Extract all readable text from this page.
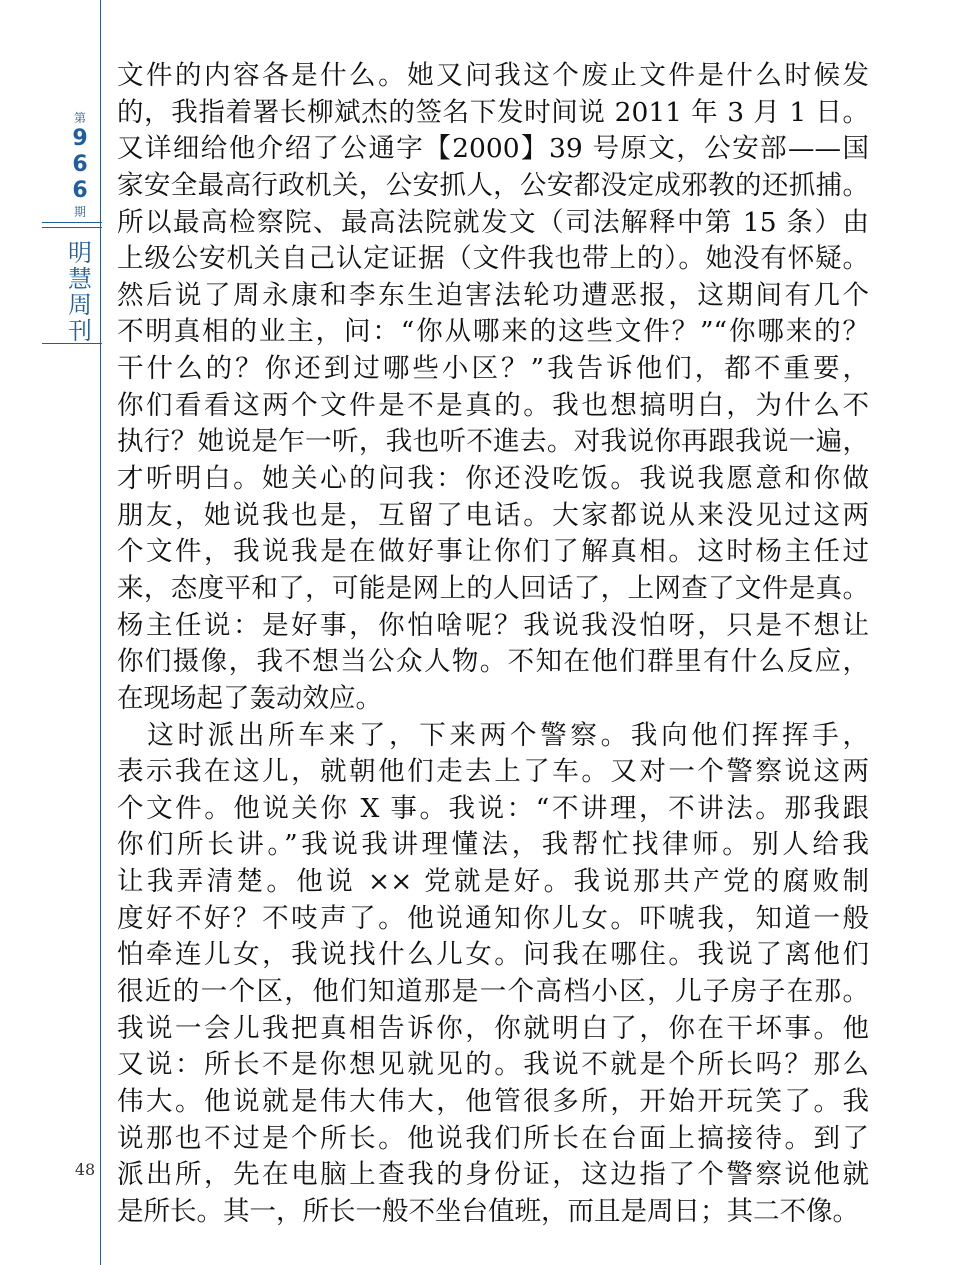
第
9
6
6
期
明
慧
周
刊
48
文件的内容各是什么。她又问我这个废止文件是什么时候发
的，我指着署长柳斌杰的签名下发时间说 2011 年 3 月 1 日。
又详细给他介绍了公通字【2000】39 号原文，公安部——国
家安全最高行政机关，公安抓人，公安都没定成邪教的还抓捕。
所以最高检察院、最高法院就发文（司法解释中第 15 条）由
上级公安机关自己认定证据（文件我也带上的）。她没有怀疑。
然后说了周永康和李东生迫害法轮功遭恶报，这期间有几个
不明真相的业主，问：“你从哪来的这些文件？”“你哪来的？
干什么的？你还到过哪些小区？”我告诉他们，都不重要，
你们看看这两个文件是不是真的。我也想搞明白，为什么不
执行？她说是乍一听，我也听不進去。对我说你再跟我说一遍，
才听明白。她关心的问我：你还没吃饭。我说我愿意和你做
朋友，她说我也是，互留了电话。大家都说从来没见过这两
个文件，我说我是在做好事让你们了解真相。这时杨主任过
来，态度平和了，可能是网上的人回话了，上网查了文件是真。
杨主任说：是好事，你怕啥呢？我说我没怕呀，只是不想让
你们摄像，我不想当公众人物。不知在他们群里有什么反应，
在现场起了轰动效应。
　这时派出所车来了，下来两个警察。我向他们挥挥手，
表示我在这儿，就朝他们走去上了车。又对一个警察说这两
个文件。他说关你 X 事。我说：“不讲理，不讲法。那我跟
你们所长讲。”我说我讲理懂法，我帮忙找律师。别人给我
让我弄清楚。他说 ×× 党就是好。我说那共产党的腐败制
度好不好？不吱声了。他说通知你儿女。吓唬我，知道一般
怕牵连儿女，我说找什么儿女。问我在哪住。我说了离他们
很近的一个区，他们知道那是一个高档小区，儿子房子在那。
我说一会儿我把真相告诉你，你就明白了，你在干坏事。他
又说：所长不是你想见就见的。我说不就是个所长吗？那么
伟大。他说就是伟大伟大，他管很多所，开始开玩笑了。我
说那也不过是个所长。他说我们所长在台面上搞接待。到了
派出所，先在电脑上查我的身份证，这边指了个警察说他就
是所长。其一，所长一般不坐台值班，而且是周日；其二不像。
